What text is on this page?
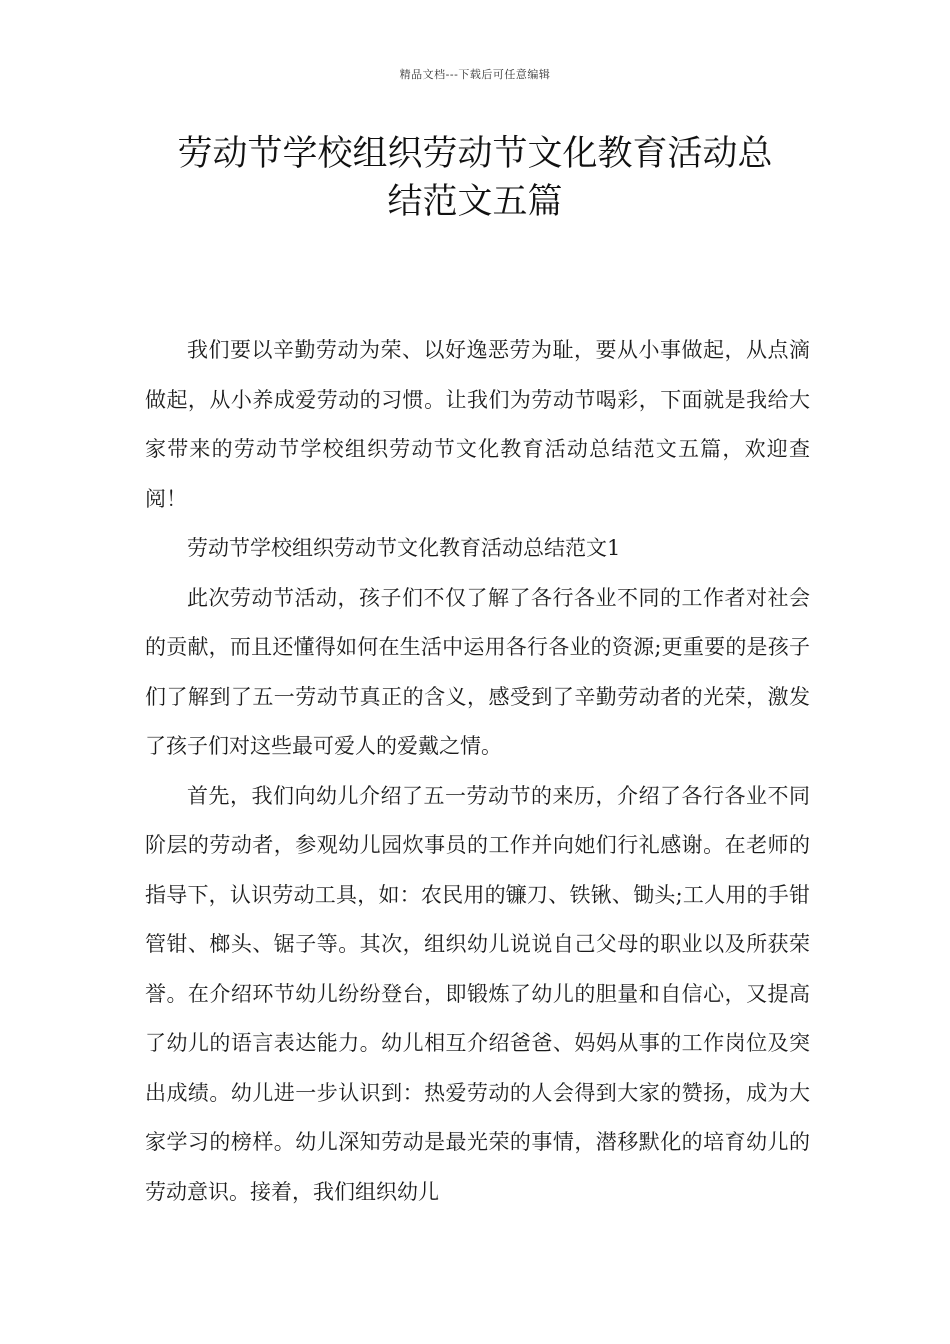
精品文档---下载后可任意编辑
劳动节学校组织劳动节文化教育活动总
结范文五篇

我们要以辛勤劳动为荣、以好逸恶劳为耻，要从小事做起，从点滴做起，从小养成爱劳动的习惯。让我们为劳动节喝彩，下面就是我给大家带来的劳动节学校组织劳动节文化教育活动总结范文五篇，欢迎查阅！

劳动节学校组织劳动节文化教育活动总结范文1

此次劳动节活动，孩子们不仅了解了各行各业不同的工作者对社会的贡献，而且还懂得如何在生活中运用各行各业的资源;更重要的是孩子们了解到了五一劳动节真正的含义，感受到了辛勤劳动者的光荣，激发了孩子们对这些最可爱人的爱戴之情。

首先，我们向幼儿介绍了五一劳动节的来历，介绍了各行各业不同阶层的劳动者，参观幼儿园炊事员的工作并向她们行礼感谢。在老师的指导下，认识劳动工具，如：农民用的镰刀、铁锹、锄头;工人用的手钳管钳、榔头、锯子等。其次，组织幼儿说说自己父母的职业以及所获荣誉。在介绍环节幼儿纷纷登台，即锻炼了幼儿的胆量和自信心，又提高了幼儿的语言表达能力。幼儿相互介绍爸爸、妈妈从事的工作岗位及突出成绩。幼儿进一步认识到：热爱劳动的人会得到大家的赞扬，成为大家学习的榜样。幼儿深知劳动是最光荣的事情，潜移默化的培育幼儿的劳动意识。接着，我们组织幼儿
